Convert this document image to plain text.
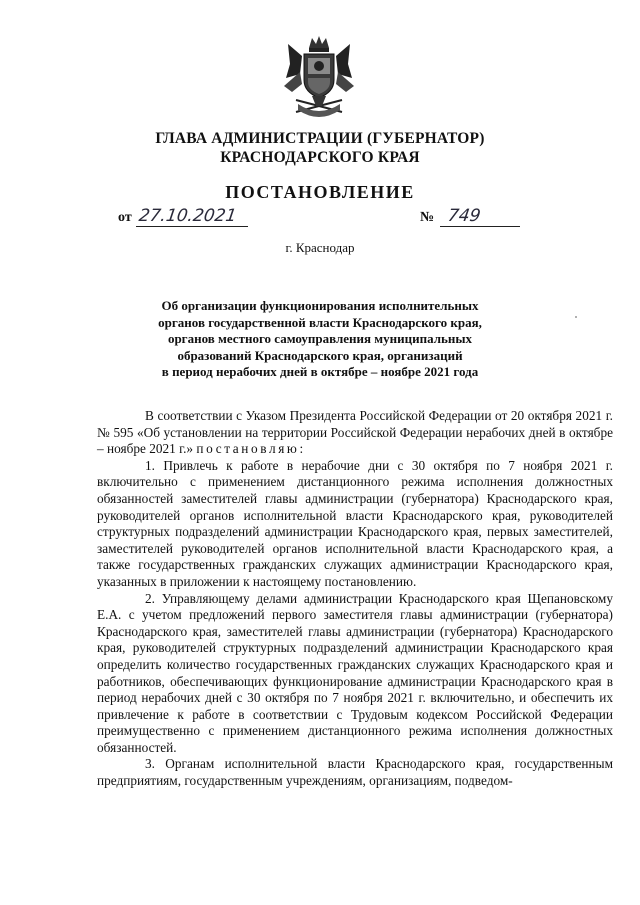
ГЛАВА АДМИНИСТРАЦИИ (ГУБЕРНАТОР)
КРАСНОДАРСКОГО КРАЯ
ПОСТАНОВЛЕНИЕ
от 27.10.2021	№ 749
г. Краснодар
Об организации функционирования исполнительных
органов государственной власти Краснодарского края,
органов местного самоуправления муниципальных
образований Краснодарского края, организаций
в период нерабочих дней в октябре – ноябре 2021 года

В соответствии с Указом Президента Российской Федерации от 20 октября 2021 г. № 595 «Об установлении на территории Российской Федерации нерабочих дней в октябре – ноябре 2021 г.» постановляю:

1. Привлечь к работе в нерабочие дни с 30 октября по 7 ноября 2021 г. включительно с применением дистанционного режима исполнения должностных обязанностей заместителей главы администрации (губернатора) Краснодарского края, руководителей органов исполнительной власти Краснодарского края, руководителей структурных подразделений администрации Краснодарского края, первых заместителей, заместителей руководителей органов исполнительной власти Краснодарского края, а также государственных гражданских служащих администрации Краснодарского края, указанных в приложении к настоящему постановлению.

2. Управляющему делами администрации Краснодарского края Щепановскому Е.А. с учетом предложений первого заместителя главы администрации (губернатора) Краснодарского края, заместителей главы администрации (губернатора) Краснодарского края, руководителей структурных подразделений администрации Краснодарского края определить количество государственных гражданских служащих Краснодарского края и работников, обеспечивающих функционирование администрации Краснодарского края в период нерабочих дней с 30 октября по 7 ноября 2021 г. включительно, и обеспечить их привлечение к работе в соответствии с Трудовым кодексом Российской Федерации преимущественно с применением дистанционного режима исполнения должностных обязанностей.

3. Органам исполнительной власти Краснодарского края, государственным предприятиям, государственным учреждениям, организациям, подведом-
